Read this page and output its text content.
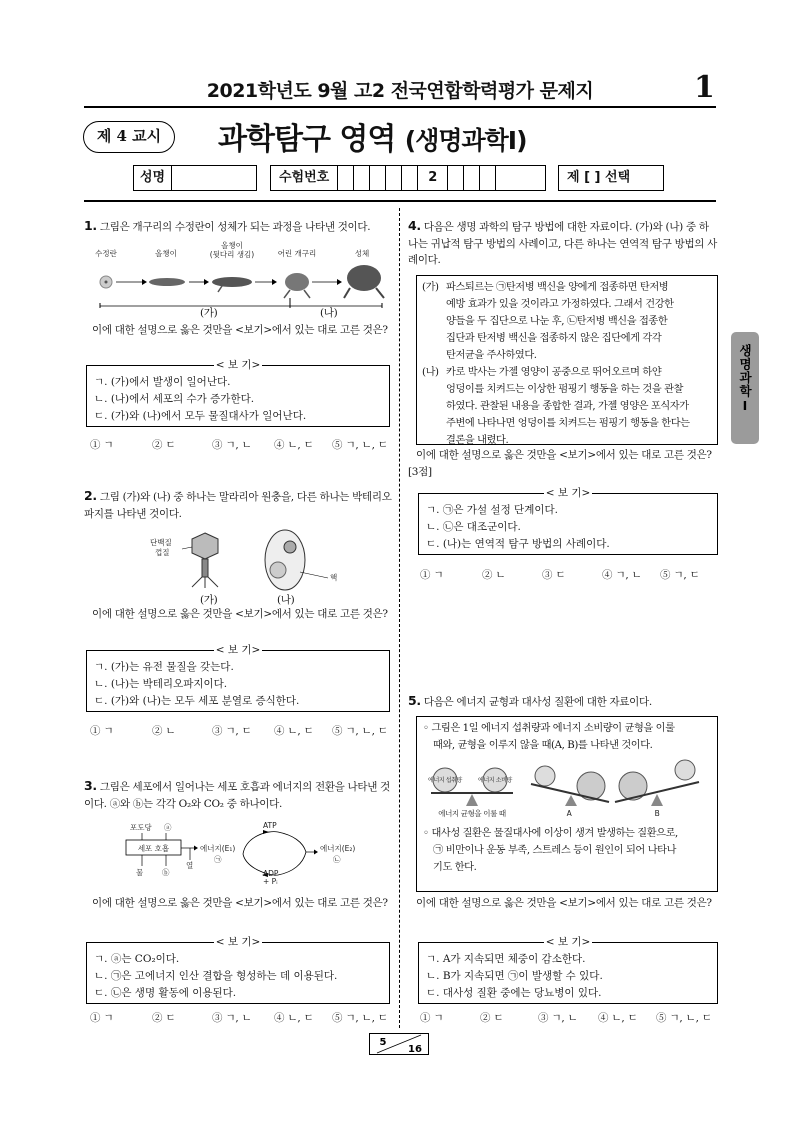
2021학년도 9월 고2 전국연합학력평가 문제지	1
제 4 교시	과학탐구 영역 (생명과학Ⅰ)
성명	수험번호	2	제 [ ] 선택
생명과학Ⅰ
1. 그림은 개구리의 수정란이 성체가 되는 과정을 나타낸 것이다.
수정란	올챙이
올챙이
(뒷다리 생김)	어린 개구리	성체
(가)	(나)
이에 대한 설명으로 옳은 것만을 <보기>에서 있는 대로 고른 것은?
< 보 기>
ㄱ. (가)에서 발생이 일어난다.
ㄴ. (나)에서 세포의 수가 증가한다.
ㄷ. (가)와 (나)에서 모두 물질대사가 일어난다.
① ㄱ	② ㄷ	③ ㄱ, ㄴ	④ ㄴ, ㄷ	⑤ ㄱ, ㄴ, ㄷ
2. 그림 (가)와 (나) 중 하나는 말라리아 원충을, 다른 하나는 박테리오파지를 나타낸 것이다.
단백질
껍질
핵
(가)	(나)
이에 대한 설명으로 옳은 것만을 <보기>에서 있는 대로 고른 것은?
< 보 기>
ㄱ. (가)는 유전 물질을 갖는다.
ㄴ. (나)는 박테리오파지이다.
ㄷ. (가)와 (나)는 모두 세포 분열로 증식한다.
① ㄱ	② ㄴ	③ ㄱ, ㄷ	④ ㄴ, ㄷ	⑤ ㄱ, ㄴ, ㄷ
3. 그림은 세포에서 일어나는 세포 호흡과 에너지의 전환을 나타낸 것이다. ⓐ와 ⓑ는 각각 O₂와 CO₂ 중 하나이다.
포도당 ⓐ
세포 호흡
물	ⓑ
열
에너지(E₁)
㉠
ATP
ADP
+ Pᵢ
에너지(E₂)
㉡
이에 대한 설명으로 옳은 것만을 <보기>에서 있는 대로 고른 것은?
< 보 기>
ㄱ. ⓐ는 CO₂이다.
ㄴ. ㉠은 고에너지 인산 결합을 형성하는 데 이용된다.
ㄷ. ㉡은 생명 활동에 이용된다.
① ㄱ	② ㄷ	③ ㄱ, ㄴ	④ ㄴ, ㄷ	⑤ ㄱ, ㄴ, ㄷ
4. 다음은 생명 과학의 탐구 방법에 대한 자료이다. (가)와 (나) 중 하나는 귀납적 탐구 방법의 사례이고, 다른 하나는 연역적 탐구 방법의 사례이다.
(가) 파스퇴르는 ㉠탄저병 백신을 양에게 접종하면 탄저병
예방 효과가 있을 것이라고 가정하였다. 그래서 건강한
양들을 두 집단으로 나눈 후, ㉡탄저병 백신을 접종한
집단과 탄저병 백신을 접종하지 않은 집단에게 각각
탄저균을 주사하였다.
(나) 카로 박사는 가젤 영양이 공중으로 뛰어오르며 하얀
엉덩이를 치켜드는 이상한 펌핑기 행동을 하는 것을 관찰
하였다. 관찰된 내용을 종합한 결과, 가젤 영양은 포식자가
주변에 나타나면 엉덩이를 치켜드는 펌핑기 행동을 한다는
결론을 내렸다.
이에 대한 설명으로 옳은 것만을 <보기>에서 있는 대로 고른 것은? [3점]
< 보 기>
ㄱ. ㉠은 가설 설정 단계이다.
ㄴ. ㉡은 대조군이다.
ㄷ. (나)는 연역적 탐구 방법의 사례이다.
① ㄱ	② ㄴ	③ ㄷ	④ ㄱ, ㄴ	⑤ ㄱ, ㄷ
5. 다음은 에너지 균형과 대사성 질환에 대한 자료이다.
◦ 그림은 1일 에너지 섭취량과 에너지 소비량이 균형을 이룰
때와, 균형을 이루지 않을 때(A, B)를 나타낸 것이다.
에너지 섭취량	에너지 소비량
에너지 균형을 이룰 때	A	B
◦ 대사성 질환은 물질대사에 이상이 생겨 발생하는 질환으로,
㉠ 비만이나 운동 부족, 스트레스 등이 원인이 되어 나타나
기도 한다.
이에 대한 설명으로 옳은 것만을 <보기>에서 있는 대로 고른 것은?
< 보 기>
ㄱ. A가 지속되면 체중이 감소한다.
ㄴ. B가 지속되면 ㉠이 발생할 수 있다.
ㄷ. 대사성 질환 중에는 당뇨병이 있다.
① ㄱ	② ㄷ	③ ㄱ, ㄴ	④ ㄴ, ㄷ	⑤ ㄱ, ㄴ, ㄷ
5
16
